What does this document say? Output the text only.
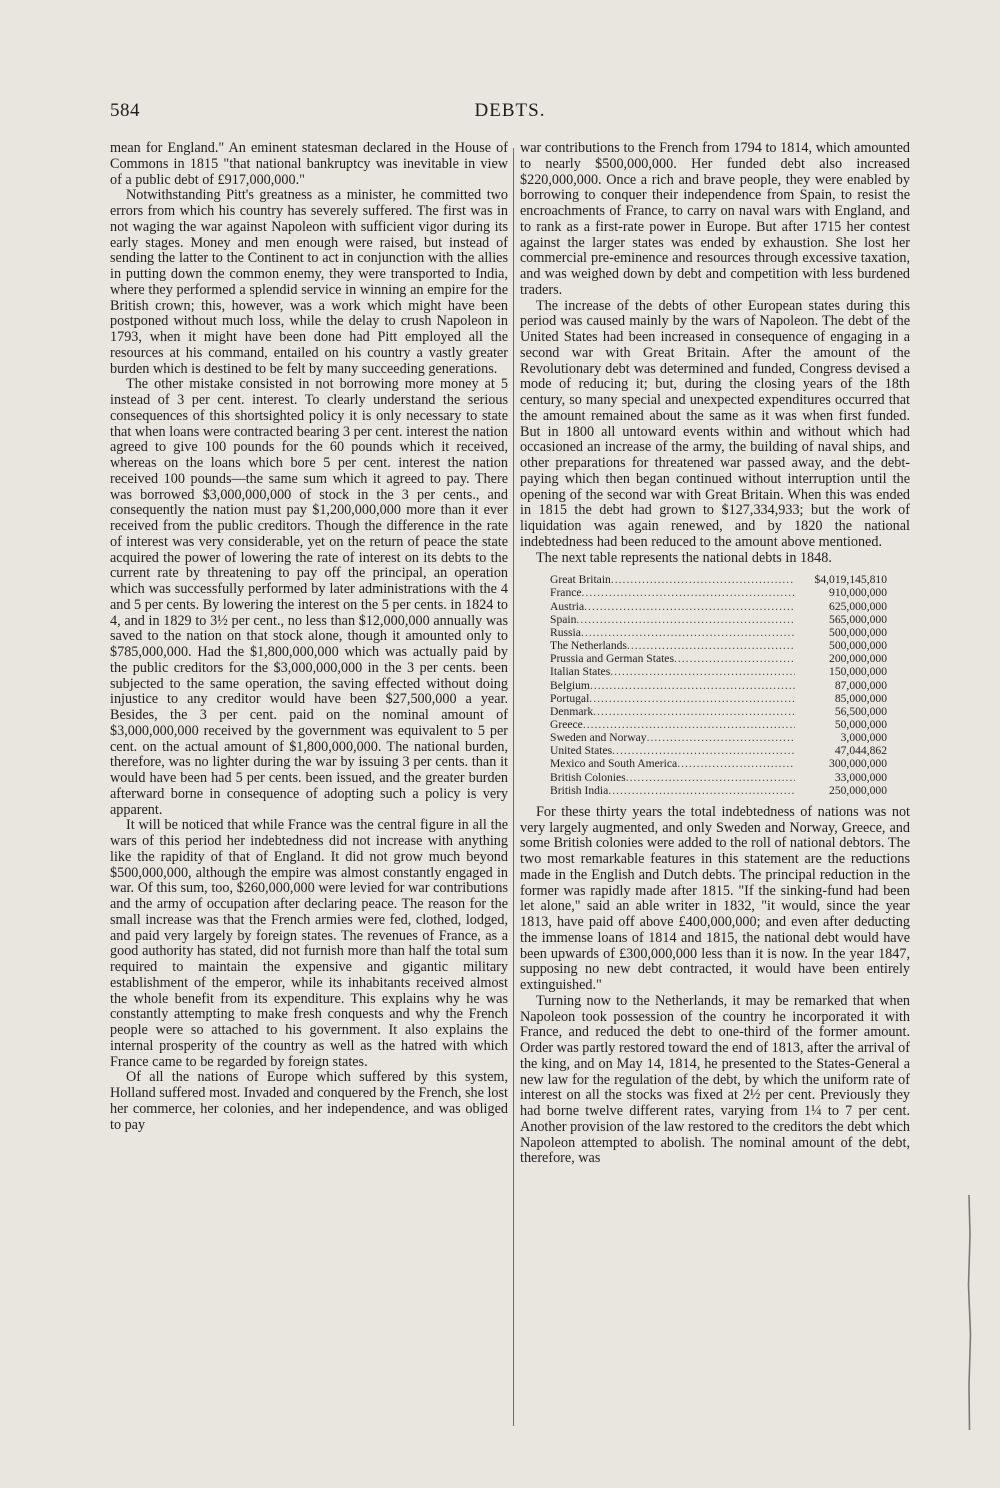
584	DEBTS.

mean for England." An eminent statesman declared in the House of Commons in 1815 "that national bankruptcy was inevitable in view of a public debt of £917,000,000."

Notwithstanding Pitt's greatness as a minister, he committed two errors from which his country has severely suffered. The first was in not waging the war against Napoleon with sufficient vigor during its early stages. Money and men enough were raised, but instead of sending the latter to the Continent to act in conjunction with the allies in putting down the common enemy, they were transported to India, where they performed a splendid service in winning an empire for the British crown; this, however, was a work which might have been postponed without much loss, while the delay to crush Napoleon in 1793, when it might have been done had Pitt employed all the resources at his command, entailed on his country a vastly greater burden which is destined to be felt by many succeeding generations.

The other mistake consisted in not borrowing more money at 5 instead of 3 per cent. interest. To clearly understand the serious consequences of this shortsighted policy it is only necessary to state that when loans were contracted bearing 3 per cent. interest the nation agreed to give 100 pounds for the 60 pounds which it received, whereas on the loans which bore 5 per cent. interest the nation received 100 pounds—the same sum which it agreed to pay. There was borrowed $3,000,000,000 of stock in the 3 per cents., and consequently the nation must pay $1,200,000,000 more than it ever received from the public creditors. Though the difference in the rate of interest was very considerable, yet on the return of peace the state acquired the power of lowering the rate of interest on its debts to the current rate by threatening to pay off the principal, an operation which was successfully performed by later administrations with the 4 and 5 per cents. By lowering the interest on the 5 per cents. in 1824 to 4, and in 1829 to 3½ per cent., no less than $12,000,000 annually was saved to the nation on that stock alone, though it amounted only to $785,000,000. Had the $1,800,000,000 which was actually paid by the public creditors for the $3,000,000,000 in the 3 per cents. been subjected to the same operation, the saving effected without doing injustice to any creditor would have been $27,500,000 a year. Besides, the 3 per cent. paid on the nominal amount of $3,000,000,000 received by the government was equivalent to 5 per cent. on the actual amount of $1,800,000,000. The national burden, therefore, was no lighter during the war by issuing 3 per cents. than it would have been had 5 per cents. been issued, and the greater burden afterward borne in consequence of adopting such a policy is very apparent.

It will be noticed that while France was the central figure in all the wars of this period her indebtedness did not increase with anything like the rapidity of that of England. It did not grow much beyond $500,000,000, although the empire was almost constantly engaged in war. Of this sum, too, $260,000,000 were levied for war contributions and the army of occupation after declaring peace. The reason for the small increase was that the French armies were fed, clothed, lodged, and paid very largely by foreign states. The revenues of France, as a good authority has stated, did not furnish more than half the total sum required to maintain the expensive and gigantic military establishment of the emperor, while its inhabitants received almost the whole benefit from its expenditure. This explains why he was constantly attempting to make fresh conquests and why the French people were so attached to his government. It also explains the internal prosperity of the country as well as the hatred with which France came to be regarded by foreign states.

Of all the nations of Europe which suffered by this system, Holland suffered most. Invaded and conquered by the French, she lost her commerce, her colonies, and her independence, and was obliged to pay

war contributions to the French from 1794 to 1814, which amounted to nearly $500,000,000. Her funded debt also increased $220,000,000. Once a rich and brave people, they were enabled by borrowing to conquer their independence from Spain, to resist the encroachments of France, to carry on naval wars with England, and to rank as a first-rate power in Europe. But after 1715 her contest against the larger states was ended by exhaustion. She lost her commercial pre-eminence and resources through excessive taxation, and was weighed down by debt and competition with less burdened traders.

The increase of the debts of other European states during this period was caused mainly by the wars of Napoleon. The debt of the United States had been increased in consequence of engaging in a second war with Great Britain. After the amount of the Revolutionary debt was determined and funded, Congress devised a mode of reducing it; but, during the closing years of the 18th century, so many special and unexpected expenditures occurred that the amount remained about the same as it was when first funded. But in 1800 all untoward events within and without which had occasioned an increase of the army, the building of naval ships, and other preparations for threatened war passed away, and the debt-paying which then began continued without interruption until the opening of the second war with Great Britain. When this was ended in 1815 the debt had grown to $127,334,933; but the work of liquidation was again renewed, and by 1820 the national indebtedness had been reduced to the amount above mentioned.

The next table represents the national debts in 1848.

Great Britain .....	$4,019,145,810
France .....	910,000,000
Austria .....	625,000,000
Spain .....	565,000,000
Russia .....	500,000,000
The Netherlands .....	500,000,000
Prussia and German States .....	200,000,000
Italian States .....	150,000,000
Belgium .....	87,000,000
Portugal .....	85,000,000
Denmark .....	56,500,000
Greece .....	50,000,000
Sweden and Norway .....	3,000,000
United States .....	47,044,862
Mexico and South America .....	300,000,000
British Colonies .....	33,000,000
British India .....	250,000,000

For these thirty years the total indebtedness of nations was not very largely augmented, and only Sweden and Norway, Greece, and some British colonies were added to the roll of national debtors. The two most remarkable features in this statement are the reductions made in the English and Dutch debts. The principal reduction in the former was rapidly made after 1815. "If the sinking-fund had been let alone," said an able writer in 1832, "it would, since the year 1813, have paid off above £400,000,000; and even after deducting the immense loans of 1814 and 1815, the national debt would have been upwards of £300,000,000 less than it is now. In the year 1847, supposing no new debt contracted, it would have been entirely extinguished."

Turning now to the Netherlands, it may be remarked that when Napoleon took possession of the country he incorporated it with France, and reduced the debt to one-third of the former amount. Order was partly restored toward the end of 1813, after the arrival of the king, and on May 14, 1814, he presented to the States-General a new law for the regulation of the debt, by which the uniform rate of interest on all the stocks was fixed at 2½ per cent. Previously they had borne twelve different rates, varying from 1¼ to 7 per cent. Another provision of the law restored to the creditors the debt which Napoleon attempted to abolish. The nominal amount of the debt, therefore, was
